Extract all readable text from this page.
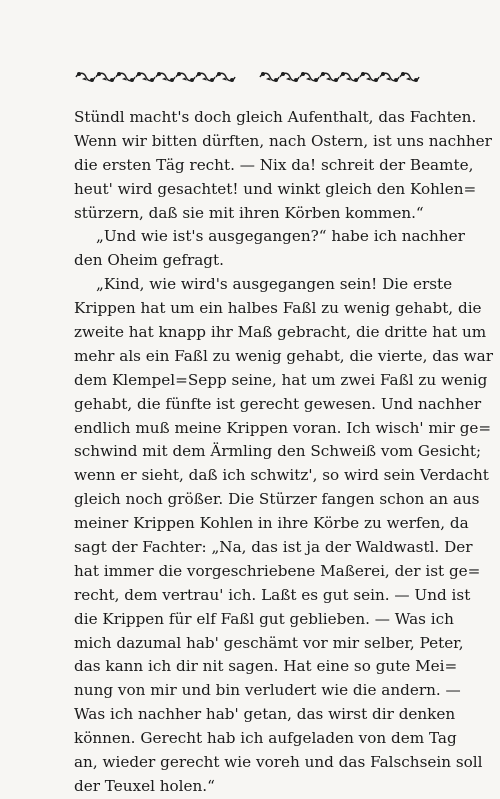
Stündl macht's doch gleich Aufenthalt, das Fachten.
Wenn wir bitten dürften, nach Ostern, ist uns nachher
die ersten Täg recht. — Nix da! schreit der Beamte,
heut' wird gesachtet! und winkt gleich den Kohlen=
stürzern, daß sie mit ihren Körben kommen.“
„Und wie ist's ausgegangen?“ habe ich nachher
den Oheim gefragt.
„Kind, wie wird's ausgegangen sein! Die erste
Krippen hat um ein halbes Faßl zu wenig gehabt, die
zweite hat knapp ihr Maß gebracht, die dritte hat um
mehr als ein Faßl zu wenig gehabt, die vierte, das war
dem Klempel=Sepp seine, hat um zwei Faßl zu wenig
gehabt, die fünfte ist gerecht gewesen. Und nachher
endlich muß meine Krippen voran. Ich wisch' mir ge=
schwind mit dem Ärmling den Schweiß vom Gesicht;
wenn er sieht, daß ich schwitz', so wird sein Verdacht
gleich noch größer. Die Stürzer fangen schon an aus
meiner Krippen Kohlen in ihre Körbe zu werfen, da
sagt der Fachter: „Na, das ist ja der Waldwastl. Der
hat immer die vorgeschriebene Maßerei, der ist ge=
recht, dem vertrau' ich. Laßt es gut sein. — Und ist
die Krippen für elf Faßl gut geblieben. — Was ich
mich dazumal hab' geschämt vor mir selber, Peter,
das kann ich dir nit sagen. Hat eine so gute Mei=
nung von mir und bin verludert wie die andern. —
Was ich nachher hab' getan, das wirst dir denken
können. Gerecht hab ich aufgeladen von dem Tag
an, wieder gerecht wie voreh und das Falschsein soll
der Teuxel holen.“
